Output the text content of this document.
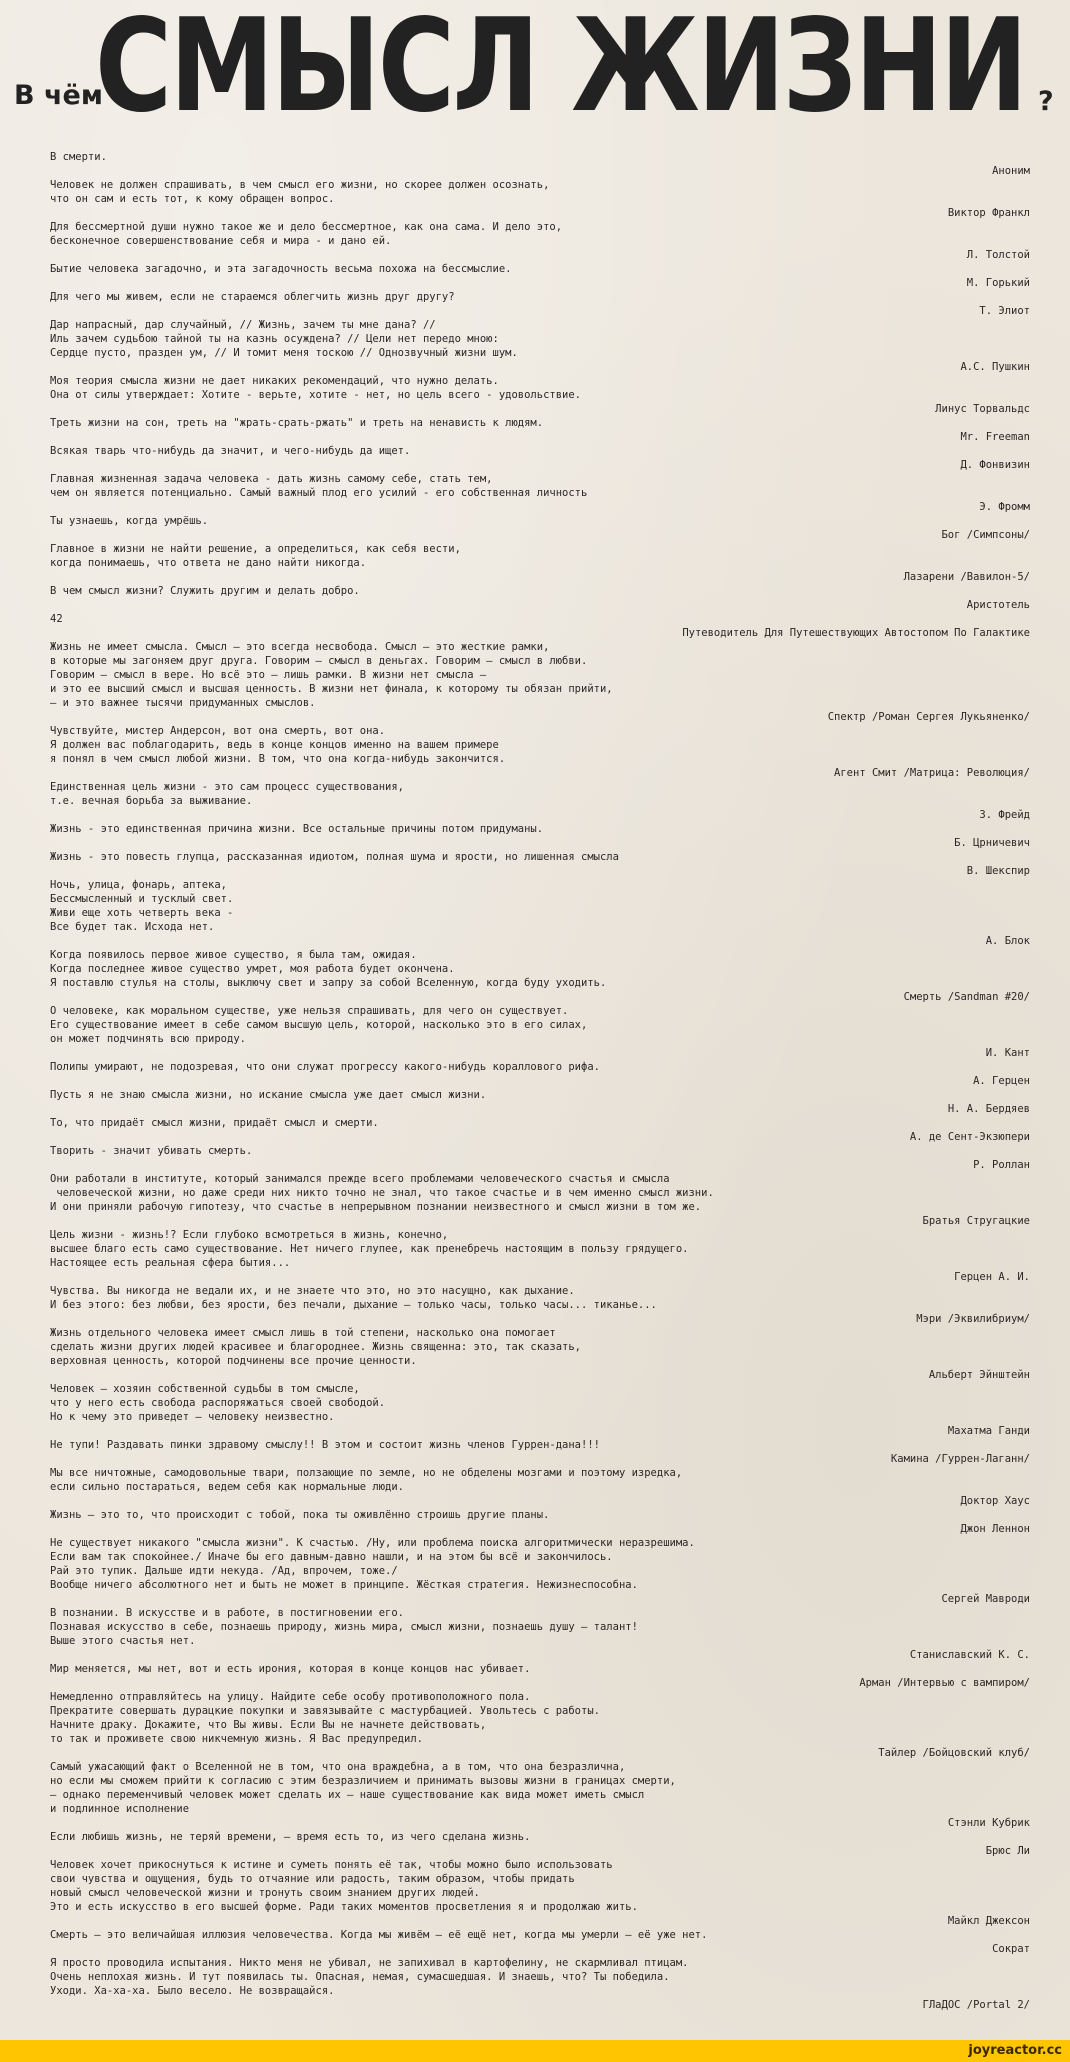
В чём
СМЫСЛ ЖИЗНИ ?
В смерти.
Аноним
Человек не должен спрашивать, в чем смысл его жизни, но скорее должен осознать,
что он сам и есть тот, к кому обращен вопрос.
Виктор Франкл
Для бессмертной души нужно такое же и дело бессмертное, как она сама. И дело это,
бесконечное совершенствование себя и мира - и дано ей.
Л. Толстой
Бытие человека загадочно, и эта загадочность весьма похожа на бессмыслие.
М. Горький
Для чего мы живем, если не стараемся облегчить жизнь друг другу?
Т. Элиот
Дар напрасный, дар случайный, // Жизнь, зачем ты мне дана? //
Иль зачем судьбою тайной ты на казнь осуждена? // Цели нет передо мною:
Сердце пусто, празден ум, // И томит меня тоскою // Однозвучный жизни шум.
А.С. Пушкин
Моя теория смысла жизни не дает никаких рекомендаций, что нужно делать.
Она от силы утверждает: Хотите - верьте, хотите - нет, но цель всего - удовольствие.
Линус Торвальдс
Треть жизни на сон, треть на "жрать-срать-ржать" и треть на ненависть к людям.
Mr. Freeman
Всякая тварь что-нибудь да значит, и чего-нибудь да ищет.
Д. Фонвизин
Главная жизненная задача человека - дать жизнь самому себе, стать тем,
чем он является потенциально. Самый важный плод его усилий - его собственная личность
Э. Фромм
Ты узнаешь, когда умрёшь.
Бог /Симпсоны/
Главное в жизни не найти решение, а определиться, как себя вести,
когда понимаешь, что ответа не дано найти никогда.
Лазарени /Вавилон-5/
В чем смысл жизни? Служить другим и делать добро.
Аристотель
42
Путеводитель Для Путешествующих Автостопом По Галактике
Жизнь не имеет смысла. Смысл — это всегда несвобода. Смысл — это жесткие рамки,
в которые мы загоняем друг друга. Говорим — смысл в деньгах. Говорим — смысл в любви.
Говорим — смысл в вере. Но всё это — лишь рамки. В жизни нет смысла —
и это ее высший смысл и высшая ценность. В жизни нет финала, к которому ты обязан прийти,
— и это важнее тысячи придуманных смыслов.
Спектр /Роман Сергея Лукьяненко/
Чувствуйте, мистер Андерсон, вот она смерть, вот она.
Я должен вас поблагодарить, ведь в конце концов именно на вашем примере
я понял в чем смысл любой жизни. В том, что она когда-нибудь закончится.
Агент Смит /Матрица: Революция/
Единственная цель жизни - это сам процесс существования,
т.е. вечная борьба за выживание.
З. Фрейд
Жизнь - это единственная причина жизни. Все остальные причины потом придуманы.
Б. Црничевич
Жизнь - это повесть глупца, рассказанная идиотом, полная шума и ярости, но лишенная смысла
В. Шекспир
Ночь, улица, фонарь, аптека,
Бессмысленный и тусклый свет.
Живи еще хоть четверть века -
Все будет так. Исхода нет.
А. Блок
Когда появилось первое живое существо, я была там, ожидая.
Когда последнее живое существо умрет, моя работа будет окончена.
Я поставлю стулья на столы, выключу свет и запру за собой Вселенную, когда буду уходить.
Смерть /Sandman #20/
О человеке, как моральном существе, уже нельзя спрашивать, для чего он существует.
Его существование имеет в себе самом высшую цель, которой, насколько это в его силах,
он может подчинять всю природу.
И. Кант
Полипы умирают, не подозревая, что они служат прогрессу какого-нибудь кораллового рифа.
А. Герцен
Пусть я не знаю смысла жизни, но искание смысла уже дает смысл жизни.
Н. А. Бердяев
То, что придаёт смысл жизни, придаёт смысл и смерти.
А. де Сент-Экзюпери
Творить - значит убивать смерть.
Р. Роллан
Они работали в институте, который занимался прежде всего проблемами человеческого счастья и смысла
человеческой жизни, но даже среди них никто точно не знал, что такое счастье и в чем именно смысл жизни.
И они приняли рабочую гипотезу, что счастье в непрерывном познании неизвестного и смысл жизни в том же.
Братья Стругацкие
Цель жизни - жизнь!? Если глубоко всмотреться в жизнь, конечно,
высшее благо есть само существование. Нет ничего глупее, как пренебречь настоящим в пользу грядущего.
Настоящее есть реальная сфера бытия...
Герцен А. И.
Чувства. Вы никогда не ведали их, и не знаете что это, но это насущно, как дыхание.
И без этого: без любви, без ярости, без печали, дыхание — только часы, только часы... тиканье...
Мэри /Эквилибриум/
Жизнь отдельного человека имеет смысл лишь в той степени, насколько она помогает
сделать жизни других людей красивее и благороднее. Жизнь священна: это, так сказать,
верховная ценность, которой подчинены все прочие ценности.
Альберт Эйнштейн
Человек — хозяин собственной судьбы в том смысле,
что у него есть свобода распоряжаться своей свободой.
Но к чему это приведет — человеку неизвестно.
Махатма Ганди
Не тупи! Раздавать пинки здравому смыслу!! В этом и состоит жизнь членов Гуррен-дана!!!
Камина /Гуррен-Лаганн/
Мы все ничтожные, самодовольные твари, ползающие по земле, но не обделены мозгами и поэтому изредка,
если сильно постараться, ведем себя как нормальные люди.
Доктор Хаус
Жизнь — это то, что происходит с тобой, пока ты оживлённо строишь другие планы.
Джон Леннон
Не существует никакого "смысла жизни". К счастью. /Ну, или проблема поиска алгоритмически неразрешима.
Если вам так спокойнее./ Иначе бы его давным-давно нашли, и на этом бы всё и закончилось.
Рай это тупик. Дальше идти некуда. /Ад, впрочем, тоже./
Вообще ничего абсолютного нет и быть не может в принципе. Жёсткая стратегия. Нежизнеспособна.
Сергей Мавроди
В познании. В искусстве и в работе, в постигновении его.
Познавая искусство в себе, познаешь природу, жизнь мира, смысл жизни, познаешь душу — талант!
Выше этого счастья нет.
Станиславский К. С.
Мир меняется, мы нет, вот и есть ирония, которая в конце концов нас убивает.
Арман /Интервью с вампиром/
Немедленно отправляйтесь на улицу. Найдите себе особу противоположного пола.
Прекратите совершать дурацкие покупки и завязывайте с мастурбацией. Увольтесь с работы.
Начните драку. Докажите, что Вы живы. Если Вы не начнете действовать,
то так и проживете свою никчемную жизнь. Я Вас предупредил.
Тайлер /Бойцовский клуб/
Самый ужасающий факт о Вселенной не в том, что она враждебна, а в том, что она безразлична,
но если мы сможем прийти к согласию с этим безразличием и принимать вызовы жизни в границах смерти,
— однако переменчивый человек может сделать их — наше существование как вида может иметь смысл
и подлинное исполнение
Стэнли Кубрик
Если любишь жизнь, не теряй времени, — время есть то, из чего сделана жизнь.
Брюс Ли
Человек хочет прикоснуться к истине и суметь понять её так, чтобы можно было использовать
свои чувства и ощущения, будь то отчаяние или радость, таким образом, чтобы придать
новый смысл человеческой жизни и тронуть своим знанием других людей.
Это и есть искусство в его высшей форме. Ради таких моментов просветления я и продолжаю жить.
Майкл Джексон
Смерть — это величайшая иллюзия человечества. Когда мы живём — её ещё нет, когда мы умерли — её уже нет.
Сократ
Я просто проводила испытания. Никто меня не убивал, не запихивал в картофелину, не скармливал птицам.
Очень неплохая жизнь. И тут появилась ты. Опасная, немая, сумасшедшая. И знаешь, что? Ты победила.
Уходи. Ха-ха-ха. Было весело. Не возвращайся.
ГЛаДОС /Portal 2/
joyreactor.cc
